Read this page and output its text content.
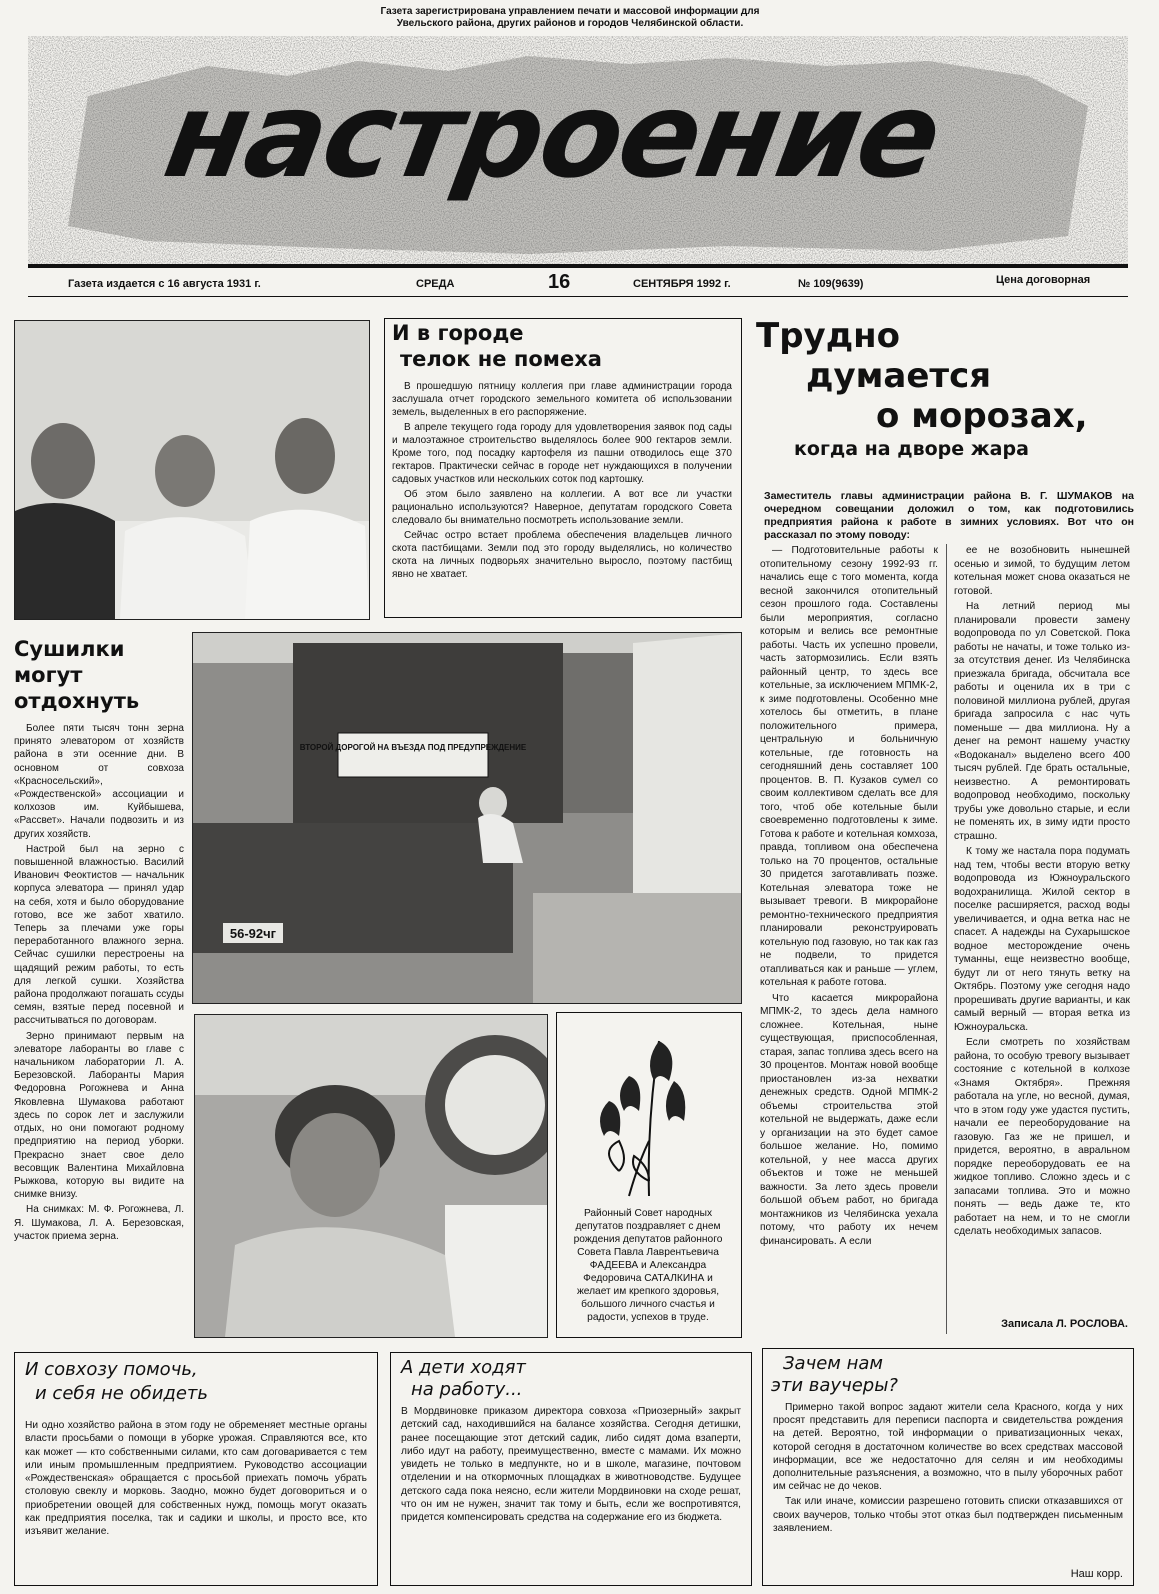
Газета зарегистрирована управлением печати и массовой информации для Увельского района, других районов и городов Челябинской области.
настроение
Газета издается с 16 августа 1931 г.	СРЕДА	16	СЕНТЯБРЯ 1992 г.	№ 109(9639)	Цена договорная
И в городе
телок не помеха

В прошедшую пятницу коллегия при главе администрации города заслушала отчет городского земельного комитета об использовании земель, выделенных в его распоряжение.

В апреле текущего года городу для удовлетворения заявок под сады и малоэтажное строительство выделялось более 900 гектаров земли. Кроме того, под посадку картофеля из пашни отводилось еще 370 гектаров. Практически сейчас в городе нет нуждающихся в получении садовых участков или нескольких соток под картошку.

Об этом было заявлено на коллегии. А вот все ли участки рационально используются? Наверное, депутатам городского Совета следовало бы внимательно посмотреть использование земли.

Сейчас остро встает проблема обеспечения владельцев личного скота пастбищами. Земли под это городу выделялись, но количество скота на личных подворьях значительно выросло, поэтому пастбищ явно не хватает.

Трудно
думается
о морозах,
когда на дворе жара
Заместитель главы администрации района В. Г. ШУМАКОВ на очередном совещании доложил о том, как подготовились предприятия района к работе в зимних условиях. Вот что он рассказал по этому поводу:

— Подготовительные работы к отопительному сезону 1992-93 гг. начались еще с того момента, когда весной закончился отопительный сезон прошлого года. Составлены были мероприятия, согласно которым и велись все ремонтные работы. Часть их успешно провели, часть затормозились. Если взять районный центр, то здесь все котельные, за исключением МПМК-2, к зиме подготовлены. Особенно мне хотелось бы отметить, в плане положительного примера, центральную и больничную котельные, где готовность на сегодняшний день составляет 100 процентов. В. П. Кузаков сумел со своим коллективом сделать все для того, чтоб обе котельные были своевременно подготовлены к зиме. Готова к работе и котельная комхоза, правда, топливом она обеспечена только на 70 процентов, остальные 30 придется заготавливать позже. Котельная элеватора тоже не вызывает тревоги. В микрорайоне ремонтно-технического предприятия планировали реконструировать котельную под газовую, но так как газ не подвели, то придется отапливаться как и раньше — углем, котельная к работе готова.

Что касается микрорайона МПМК-2, то здесь дела намного сложнее. Котельная, ныне существующая, приспособленная, старая, запас топлива здесь всего на 30 процентов. Монтаж новой вообще приостановлен из-за нехватки денежных средств. Одной МПМК-2 объемы строительства этой котельной не выдержать, даже если у организации на это будет самое большое желание. Но, помимо котельной, у нее масса других объектов и тоже не меньшей важности. За лето здесь провели большой объем работ, но бригада монтажников из Челябинска уехала потому, что работу их нечем финансировать. А если

ее не возобновить нынешней осенью и зимой, то будущим летом котельная может снова оказаться не готовой.

На летний период мы планировали провести замену водопровода по ул Советской. Пока работы не начаты, и тоже только из-за отсутствия денег. Из Челябинска приезжала бригада, обсчитала все работы и оценила их в три с половиной миллиона рублей, другая бригада запросила с нас чуть поменьше — два миллиона. Ну а денег на ремонт нашему участку «Водоканал» выделено всего 400 тысяч рублей. Где брать остальные, неизвестно. А ремонтировать водопровод необходимо, поскольку трубы уже довольно старые, и если не поменять их, в зиму идти просто страшно.

К тому же настала пора подумать над тем, чтобы вести вторую ветку водопровода из Южноуральского водохранилища. Жилой сектор в поселке расширяется, расход воды увеличивается, и одна ветка нас не спасет. А надежды на Сухарышское водное месторождение очень туманны, еще неизвестно вообще, будут ли от него тянуть ветку на Октябрь. Поэтому уже сегодня надо прорешивать другие варианты, и как самый верный — вторая ветка из Южноуральска.

Если смотреть по хозяйствам района, то особую тревогу вызывает состояние с котельной в колхозе «Знамя Октября». Прежняя работала на угле, но весной, думая, что в этом году уже удастся пустить, начали ее переоборудование на газовую. Газ же не пришел, и придется, вероятно, в авральном порядке переоборудовать ее на жидкое топливо. Сложно здесь и с запасами топлива. Это и можно понять — ведь даже те, кто работает на нем, и то не смогли сделать необходимых запасов.

Записала Л. РОСЛОВА.
Сушилки
могут
отдохнуть

Более пяти тысяч тонн зерна принято элеватором от хозяйств района в эти осенние дни. В основном от совхоза «Красносельский», «Рождественской» ассоциации и колхозов им. Куйбышева, «Рассвет». Начали подвозить и из других хозяйств.

Настрой был на зерно с повышенной влажностью. Василий Иванович Феоктистов — начальник корпуса элеватора — принял удар на себя, хотя и было оборудование готово, все же забот хватило. Теперь за плечами уже горы переработанного влажного зерна. Сейчас сушилки перестроены на щадящий режим работы, то есть для легкой сушки. Хозяйства района продолжают погашать ссуды семян, взятые перед посевной и рассчитываться по договорам.

Зерно принимают первым на элеваторе лаборанты во главе с начальником лаборатории Л. А. Березовской. Лаборанты Мария Федоровна Рогожнева и Анна Яковлевна Шумакова работают здесь по сорок лет и заслужили отдых, но они помогают родному предприятию на период уборки. Прекрасно знает свое дело весовщик Валентина Михайловна Рыжкова, которую вы видите на снимке внизу.

На снимках: М. Ф. Рогожнева, Л. Я. Шумакова, Л. А. Березовская, участок приема зерна.

ВТОРОЙ ДОРОГОЙ НА ВЪЕЗДА ПОД ПРЕДУПРЕЖДЕНИЕ
56-92чг
Районный Совет народных депутатов поздравляет с днем рождения депутатов районного Совета Павла Лаврентьевича ФАДЕЕВА и Александра Федоровича САТАЛКИНА и желает им крепкого здоровья, большого личного счастья и радости, успехов в труде.
И совхозу помочь,
и себя не обидеть
Ни одно хозяйство района в этом году не обременяет местные органы власти просьбами о помощи в уборке урожая. Справляются все, кто как может — кто собственными силами, кто сам договаривается с тем или иным промышленным предприятием. Руководство ассоциации «Рождественская» обращается с просьбой приехать помочь убрать столовую свеклу и морковь. Заодно, можно будет договориться и о приобретении овощей для собственных нужд, помощь могут оказать как предприятия поселка, так и садики и школы, и просто все, кто изъявит желание.
А дети ходят
на работу...
В Мордвиновке приказом директора совхоза «Приозерный» закрыт детский сад, находившийся на балансе хозяйства. Сегодня детишки, ранее посещающие этот детский садик, либо сидят дома взаперти, либо идут на работу, преимущественно, вместе с мамами. Их можно увидеть не только в медпункте, но и в школе, магазине, почтовом отделении и на откормочных площадках в животноводстве. Будущее детского сада пока неясно, если жители Мордвиновки на сходе решат, что он им не нужен, значит так тому и быть, если же воспротивятся, придется компенсировать средства на содержание его из бюджета.
Зачем нам
эти ваучеры?

Примерно такой вопрос задают жители села Красного, когда у них просят представить для переписи паспорта и свидетельства рождения на детей. Вероятно, той информации о приватизационных чеках, которой сегодня в достаточном количестве во всех средствах массовой информации, все же недостаточно для селян и им необходимы дополнительные разъяснения, а возможно, что в пылу уборочных работ им сейчас не до чеков.

Так или иначе, комиссии разрешено готовить списки отказавшихся от своих ваучеров, только чтобы этот отказ был подтвержден письменным заявлением.

Наш корр.
